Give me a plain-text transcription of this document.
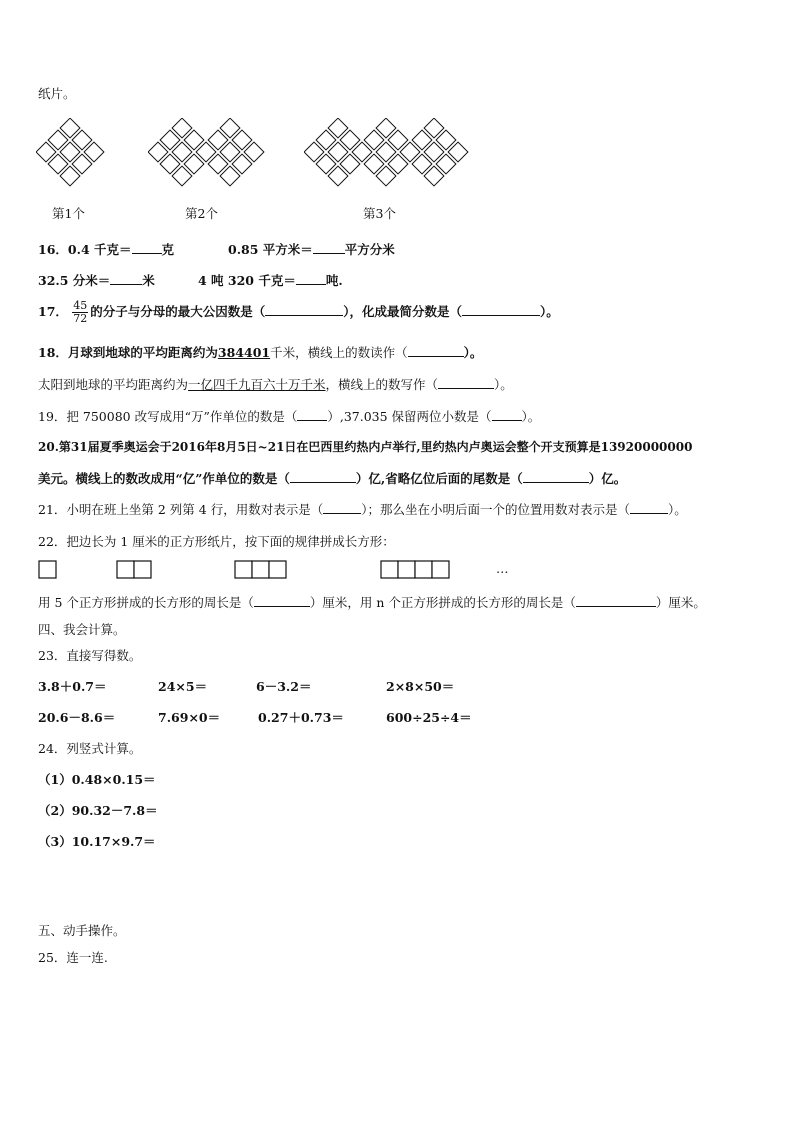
纸片。
第1个	第2个	第3个
16．0.4 千克＝ 克	0.85 平方米＝	平方分米
32.5 分米＝	米	4 吨 320 千克＝ 吨.
17． $\frac{45}{72}$ 的分子与分母的最大公因数是（	），化成最简分数是（	）。
18．月球到地球的平均距离约为384401千米，横线上的数读作（	）。
太阳到地球的平均距离约为一亿四千九百六十万千米，横线上的数写作（	）。
19．把 750080 改写成用“万”作单位的数是（ ）,37.035 保留两位小数是（ ）。
20.第31届夏季奥运会于2016年8月5日~21日在巴西里约热内卢举行,里约热内卢奥运会整个开支预算是13920000000
美元。横线上的数改成用“亿”作单位的数是（	）亿,省略亿位后面的尾数是（	）亿。
21．小明在班上坐第 2 列第 4 行，用数对表示是（	）；那么坐在小明后面一个的位置用数对表示是（	）。
22．把边长为 1 厘米的正方形纸片，按下面的规律拼成长方形：
…
用 5 个正方形拼成的长方形的周长是（	）厘米，用 n 个正方形拼成的长方形的周长是（	）厘米。
四、我会计算。
23．直接写得数。
3.8＋0.7＝	24×5＝	6－3.2＝	2×8×50＝
20.6－8.6＝	7.69×0＝	0.27＋0.73＝	600÷25÷4＝
24．列竖式计算。
（1）0.48×0.15＝
（2）90.32－7.8＝
（3）10.17×9.7＝
五、动手操作。
25．连一连.
